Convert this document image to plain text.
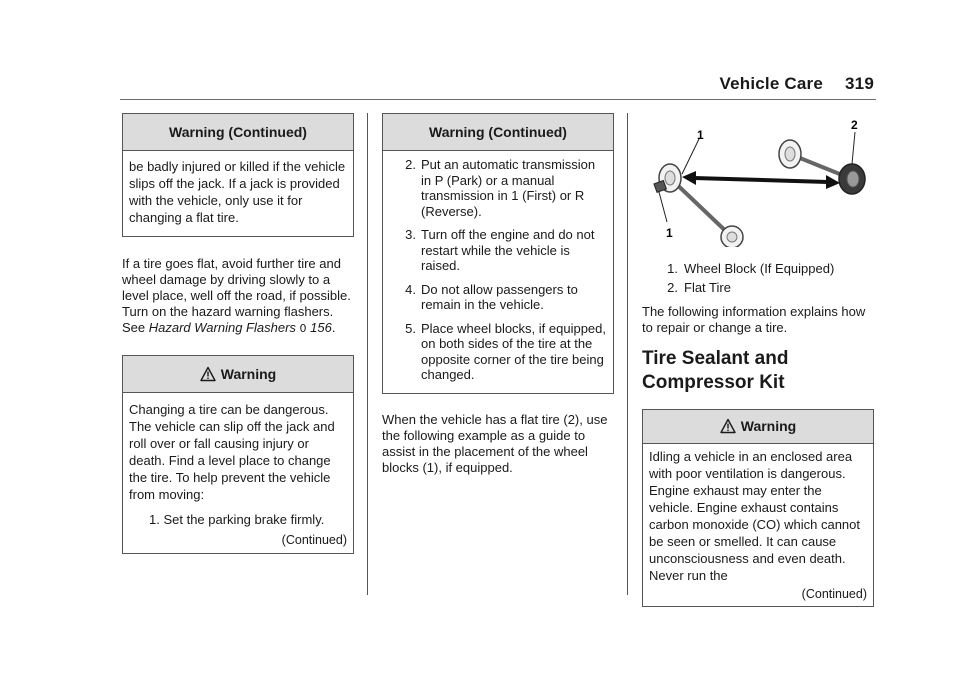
Vehicle Care 319
Warning (Continued)

be badly injured or killed if the vehicle slips off the jack. If a jack is provided with the vehicle, only use it for changing a flat tire.

If a tire goes flat, avoid further tire and wheel damage by driving slowly to a level place, well off the road, if possible. Turn on the hazard warning flashers. See Hazard Warning Flashers 0 156.

Warning

Changing a tire can be dangerous. The vehicle can slip off the jack and roll over or fall causing injury or death. Find a level place to change the tire. To help prevent the vehicle from moving:

1. Set the parking brake firmly.

(Continued)
Warning (Continued)
2. Put an automatic transmission in P (Park) or a manual transmission in 1 (First) or R (Reverse).
3. Turn off the engine and do not restart while the vehicle is raised.
4. Do not allow passengers to remain in the vehicle.
5. Place wheel blocks, if equipped, on both sides of the tire at the opposite corner of the tire being changed.

When the vehicle has a flat tire (2), use the following example as a guide to assist in the placement of the wheel blocks (1), if equipped.

1
1
2
1. Wheel Block (If Equipped)
2. Flat Tire

The following information explains how to repair or change a tire.

Tire Sealant and

Compressor Kit

Warning

Idling a vehicle in an enclosed area with poor ventilation is dangerous. Engine exhaust may enter the vehicle. Engine exhaust contains carbon monoxide (CO) which cannot be seen or smelled. It can cause unconsciousness and even death. Never run the

(Continued)
